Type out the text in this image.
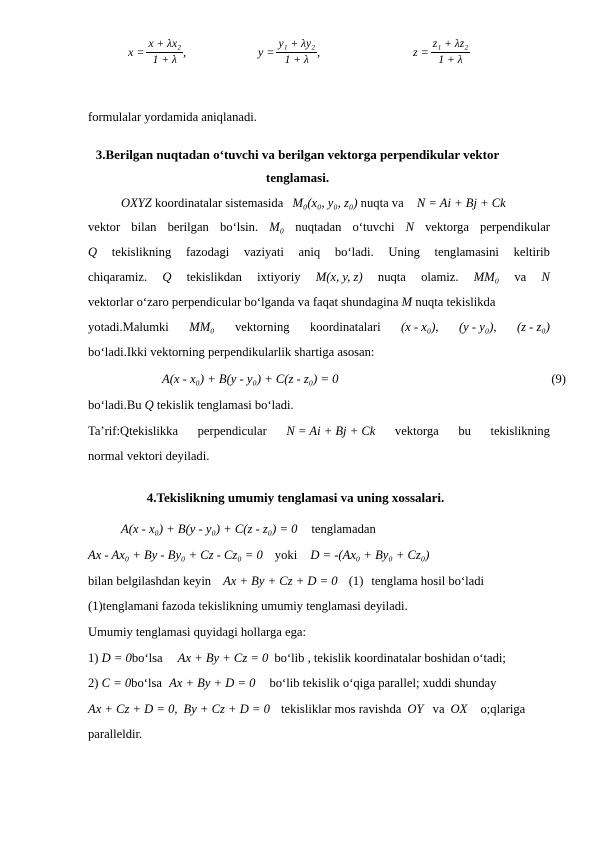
$x = \frac{\text{x + λx₂}}{1 + \lambda}$ ,	$y = \frac{\text{y₁ + λy₂}}{1 + \lambda}$ ,	$z = \frac{\text{z₁ + λz₂}}{1 + \lambda}$
formulalar yordamida aniqlanadi.
3.Berilgan nuqtadan o‘tuvchi va berilgan vektorga perpendikular vektor
tenglamasi.
OXYZ koordinatalar sistemasida M₀(x₀, y₀, z₀) nuqta va N = Ai + Bj + Ck
vektor bilan berilgan bo‘lsin. M₀ nuqtadan o‘tuvchi N vektorga perpendikular
Q tekislikning fazodagi vaziyati aniq bo‘ladi. Uning tenglamasini keltirib
chiqaramiz. Q tekislikdan ixtiyoriy M(x, y, z) nuqta olamiz. MM₀ va N
vektorlar o‘zaro perpendicular bo‘lganda va faqat shundagina M nuqta tekislikda
yotadi.Malumki MM₀ vektorning koordinatalari (x - x₀), (y - y₀), (z - z₀)
bo‘ladi.Ikki vektorning perpendikularlik shartiga asosan:
A(x - x₀) + B(y - y₀) + C(z - z₀) = 0	(9)
bo‘ladi.Bu Q tekislik tenglamasi bo‘ladi.
Ta’rif:Qtekislikka perpendicular N = Ai + Bj + Ck vektorga bu tekislikning
normal vektori deyiladi.
4.Tekislikning umumiy tenglamasi va uning xossalari.
A(x - x₀) + B(y - y₀) + C(z - z₀) = 0 tenglamadan
Ax - Ax₀ + By - By₀ + Cz - Cz₀ = 0 yoki D = -(Ax₀ + By₀ + Cz₀)
bilan belgilashdan keyin Ax + By + Cz + D = 0 (1) tenglama hosil bo‘ladi
(1)tenglamani fazoda tekislikning umumiy tenglamasi deyiladi.
Umumiy tenglamasi quyidagi hollarga ega:
1) D = 0bo‘lsa Ax + By + Cz = 0 bo‘lib , tekislik koordinatalar boshidan o‘tadi;
2) C = 0bo‘lsa Ax + By + D = 0 bo‘lib tekislik o‘qiga parallel; xuddi shunday
Ax + Cz + D = 0, By + Cz + D = 0 tekisliklar mos ravishda OY va OX o;qlariga
paralleldir.
